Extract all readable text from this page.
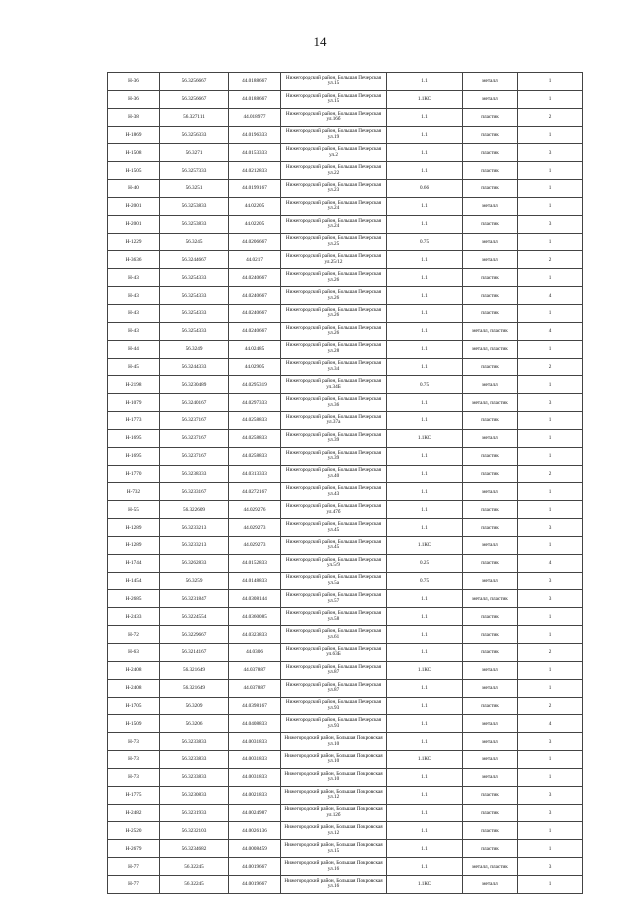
14
Н-36	56.3256667	44.0188667	Нижегородский район, Большая Печерская ул.15	1.1	металл	1
Н-36	56.3256667	44.0188667	Нижегородский район, Большая Печерская ул.15	1.1КС	металл	1
Н-38	56.327111	44.018977	Нижегородский район, Большая Печерская ул.16б	1.1	пластик	2
Н-1869	56.3256333	44.0196333	Нижегородский район, Большая Печерская ул.19	1.1	пластик	1
Н-1508	56.3271	44.0153333	Нижегородский район, Большая Печерская ул.2	1.1	пластик	3
Н-1505	56.3257333	44.0212833	Нижегородский район, Большая Печерская ул.22	1.1	пластик	1
Н-40	56.3251	44.0199167	Нижегородский район, Большая Печерская ул.23	0.66	пластик	1
Н-2001	56.3253833	44.02205	Нижегородский район, Большая Печерская ул.24	1.1	металл	1
Н-2001	56.3253833	44.02205	Нижегородский район, Большая Печерская ул.24	1.1	пластик	3
Н-1229	56.3245	44.0206667	Нижегородский район, Большая Печерская ул.25	0.75	металл	1
Н-3636	56.3244667	44.0217	Нижегородский район, Большая Печерская ул.25/12	1.1	металл	2
Н-43	56.3254333	44.0240667	Нижегородский район, Большая Печерская ул.26	1.1	пластик	1
Н-43	56.3254333	44.0240667	Нижегородский район, Большая Печерская ул.26	1.1	пластик	4
Н-43	56.3254333	44.0240667	Нижегородский район, Большая Печерская ул.26	1.1	пластик	1
Н-43	56.3254333	44.0240667	Нижегородский район, Большая Печерская ул.26	1.1	металл, пластик	4
Н-44	56.3249	44.02485	Нижегородский район, Большая Печерская ул.28	1.1	металл, пластик	1
Н-45	56.3244333	44.02905	Нижегородский район, Большая Печерская ул.34	1.1	пластик	2
Н-2198	56.3230489	44.0295319	Нижегородский район, Большая Печерская ул.34Б	0.75	металл	1
Н-1079	56.3240167	44.0297333	Нижегородский район, Большая Печерская ул.36	1.1	металл, пластик	3
Н-1773	56.3237167	44.0258833	Нижегородский район, Большая Печерская ул.37а	1.1	пластик	1
Н-1695	56.3237167	44.0258833	Нижегородский район, Большая Печерская ул.39	1.1КС	металл	1
Н-1695	56.3237167	44.0258833	Нижегородский район, Большая Печерская ул.39	1.1	пластик	1
Н-1770	56.3238333	44.0313333	Нижегородский район, Большая Печерская ул.40	1.1	пластик	2
Н-732	56.3233167	44.0272167	Нижегородский район, Большая Печерская ул.43	1.1	металл	1
Н-55	56.322609	44.029276	Нижегородский район, Большая Печерская ул.47б	1.1	пластик	1
Н-1289	56.3233213	44.029273	Нижегородский район, Большая Печерская ул.45	1.1	пластик	3
Н-1289	56.3233213	44.029273	Нижегородский район, Большая Печерская ул.45	1.1КС	металл	1
Н-1744	56.3262833	44.0152833	Нижегородский район, Большая Печерская ул.5/9	0.25	пластик	4
Н-1454	56.3259	44.0148833	Нижегородский район, Большая Печерская ул.5а	0.75	металл	3
Н-2685	56.3231847	44.0308144	Нижегородский район, Большая Печерская ул.57	1.1	металл, пластик	3
Н-2433	56.3224554	44.0360085	Нижегородский район, Большая Печерская ул.58	1.1	пластик	1
Н-72	56.3229667	44.0323833	Нижегородский район, Большая Печерская ул.61	1.1	пластик	1
Н-63	56.3214167	44.0306	Нижегородский район, Большая Печерская ул.63Б	1.1	пластик	2
Н-2408	56.321649	44.037887	Нижегородский район, Большая Печерская ул.87	1.1КС	металл	1
Н-2408	56.321649	44.037887	Нижегородский район, Большая Печерская ул.87	1.1	металл	1
Н-1705	56.3209	44.0398167	Нижегородский район, Большая Печерская ул.93	1.1	пластик	2
Н-1509	56.3206	44.0408833	Нижегородский район, Большая Печерская ул.93	1.1	металл	4
Н-73	56.3233833	44.0031833	Нижегородский район, Большая Покровская ул.10	1.1	металл	3
Н-73	56.3233833	44.0031833	Нижегородский район, Большая Покровская ул.10	1.1КС	металл	1
Н-73	56.3233833	44.0031833	Нижегородский район, Большая Покровская ул.10	1.1	металл	1
Н-1775	56.3230833	44.0021833	Нижегородский район, Большая Покровская ул.12	1.1	пластик	3
Н-2482	56.3231933	44.0024987	Нижегородский район, Большая Покровская ул.12б	1.1	пластик	3
Н-2520	56.3232103	44.0026136	Нижегородский район, Большая Покровская ул.12	1.1	пластик	1
Н-2679	56.3234682	44.0008459	Нижегородский район, Большая Покровская ул.15	1.1	пластик	1
Н-77	56.32245	44.0019667	Нижегородский район, Большая Покровская ул.16	1.1	металл, пластик	3
Н-77	56.32245	44.0019667	Нижегородский район, Большая Покровская ул.16	1.1КС	металл	1
